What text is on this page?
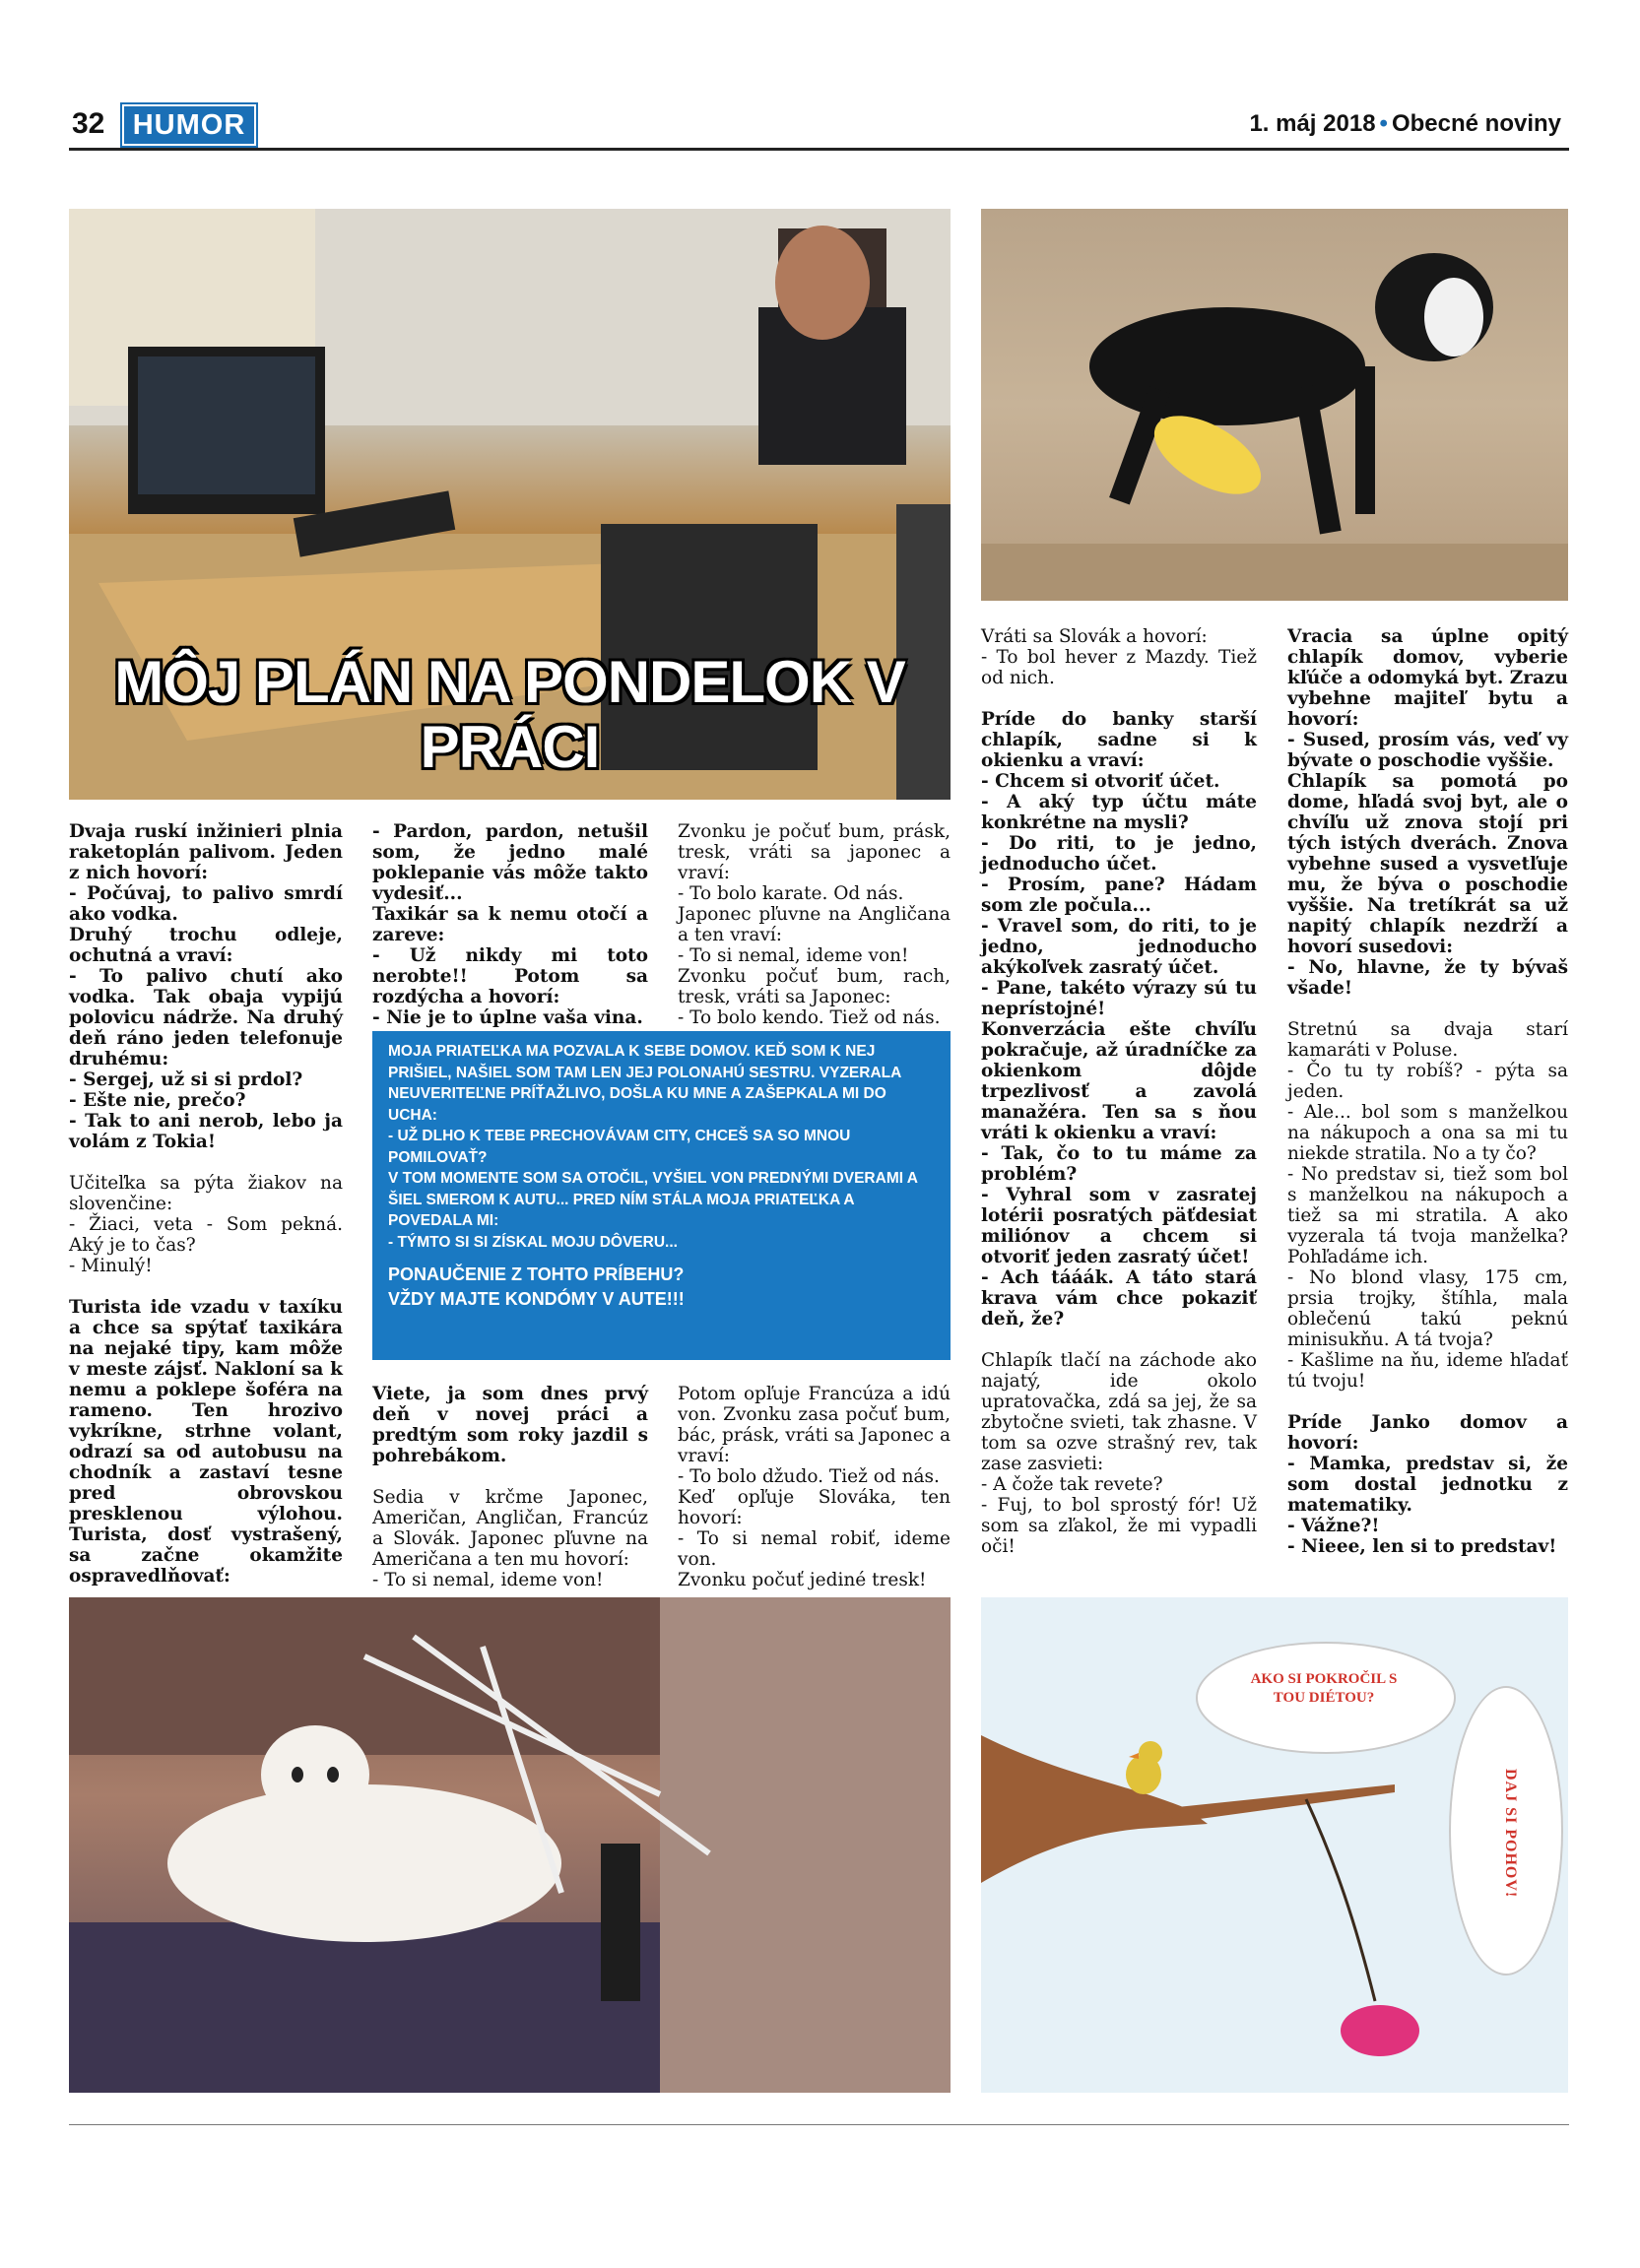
32 HUMOR	1. máj 2018 • Obecné noviny
MÔJ PLÁN NA PONDELOK V PRÁCI

Dvaja ruskí inžinieri plnia raketoplán palivom. Jeden z nich hovorí:

- Počúvaj, to palivo smrdí ako vodka.

Druhý trochu odleje, ochutná a vraví:

- To palivo chutí ako vodka. Tak obaja vypijú polovicu nádrže. Na druhý deň ráno jeden telefonuje druhému:

- Sergej, už si si prdol?

- Ešte nie, prečo?

- Tak to ani nerob, lebo ja volám z Tokia!

Učiteľka sa pýta žiakov na slovenčine:

- Žiaci, veta - Som pekná. Aký je to čas?

- Minulý!

Turista ide vzadu v taxíku a chce sa spýtať taxikára na nejaké tipy, kam môže v meste zájsť. Nakloní sa k nemu a poklepe šoféra na rameno. Ten hrozivo vykríkne, strhne volant, odrazí sa od autobusu na chodník a zastaví tesne pred obrovskou presklenou výlohou. Turista, dosť vystrašený, sa začne okamžite ospravedlňovať:

- Pardon, pardon, netušil som, že jedno malé poklepanie vás môže takto vydesiť...

Taxikár sa k nemu otočí a zareve:

- Už nikdy mi toto nerobte!! Potom sa rozdýcha a hovorí:

- Nie je to úplne vaša vina.

Zvonku je počuť bum, prásk, tresk, vráti sa japonec a vraví:

- To bolo karate. Od nás.

Japonec pľuvne na Angličana a ten vraví:

- To si nemal, ideme von!

Zvonku počuť bum, rach, tresk, vráti sa Japonec:

- To bolo kendo. Tiež od nás.

MOJA PRIATEĽKA MA POZVALA K SEBE DOMOV. KEĎ SOM K NEJ PRIŠIEL, NAŠIEL SOM TAM LEN JEJ POLONAHÚ SESTRU. VYZERALA NEUVERITEĽNE PRÍŤAŽLIVO, DOŠLA KU MNE A ZAŠEPKALA MI DO UCHA:

- UŽ DLHO K TEBE PRECHOVÁVAM CITY, CHCEŠ SA SO MNOU POMILOVAŤ?

V TOM MOMENTE SOM SA OTOČIL, VYŠIEL VON PREDNÝMI DVERAMI A ŠIEL SMEROM K AUTU... PRED NÍM STÁLA MOJA PRIATEĽKA A POVEDALA MI:

- TÝMTO SI SI ZÍSKAL MOJU DÔVERU...

PONAUČENIE Z TOHTO PRÍBEHU?
VŽDY MAJTE KONDÓMY V AUTE!!!

Viete, ja som dnes prvý deň v novej práci a predtým som roky jazdil s pohrebákom.

Sedia v krčme Japonec, Američan, Angličan, Francúz a Slovák. Japonec pľuvne na Američana a ten mu hovorí:

- To si nemal, ideme von!

Potom opľuje Francúza a idú von. Zvonku zasa počuť bum, bác, prásk, vráti sa Japonec a vraví:

- To bolo džudo. Tiež od nás.

Keď opľuje Slováka, ten hovorí:

- To si nemal robiť, ideme von.

Zvonku počuť jediné tresk!

Vráti sa Slovák a hovorí:

- To bol hever z Mazdy. Tiež od nich.

Príde do banky starší chlapík, sadne si k okienku a vraví:

- Chcem si otvoriť účet.

- A aký typ účtu máte konkrétne na mysli?

- Do riti, to je jedno, jednoducho účet.

- Prosím, pane? Hádam som zle počula...

- Vravel som, do riti, to je jedno, jednoducho akýkoľvek zasratý účet.

- Pane, takéto výrazy sú tu neprístojné!

Konverzácia ešte chvíľu pokračuje, až úradníčke za okienkom dôjde trpezlivosť a zavolá manažéra. Ten sa s ňou vráti k okienku a vraví:

- Tak, čo to tu máme za problém?

- Vyhral som v zasratej lotérii posratých päťdesiat miliónov a chcem si otvoriť jeden zasratý účet!

- Ach tááák. A táto stará krava vám chce pokaziť deň, že?

Chlapík tlačí na záchode ako najatý, ide okolo upratovačka, zdá sa jej, že sa zbytočne svieti, tak zhasne. V tom sa ozve strašný rev, tak zase zasvieti:

- A čože tak revete?

- Fuj, to bol sprostý fór! Už som sa zľakol, že mi vypadli oči!

Vracia sa úplne opitý chlapík domov, vyberie kľúče a odomyká byt. Zrazu vybehne majiteľ bytu a hovorí:

- Sused, prosím vás, veď vy bývate o poschodie vyššie.

Chlapík sa pomotá po dome, hľadá svoj byt, ale o chvíľu už znova stojí pri tých istých dverách. Znova vybehne sused a vysvetľuje mu, že býva o poschodie vyššie. Na tretíkrát sa už napitý chlapík nezdrží a hovorí susedovi:

- No, hlavne, že ty bývaš všade!

Stretnú sa dvaja starí kamaráti v Poluse.

- Čo tu ty robíš? - pýta sa jeden.

- Ale... bol som s manželkou na nákupoch a ona sa mi tu niekde stratila. No a ty čo?

- No predstav si, tiež som bol s manželkou na nákupoch a tiež sa mi stratila. A ako vyzerala tá tvoja manželka? Pohľadáme ich.

- No blond vlasy, 175 cm, prsia trojky, štíhla, mala oblečenú takú peknú minisukňu. A tá tvoja?

- Kašlime na ňu, ideme hľadať tú tvoju!

Príde Janko domov a hovorí:

- Mamka, predstav si, že som dostal jednotku z matematiky.

- Vážne?!

- Nieee, len si to predstav!

AKO SI POKROČIL S TOU DIÉTOU?
DAJ SI POHOV!
